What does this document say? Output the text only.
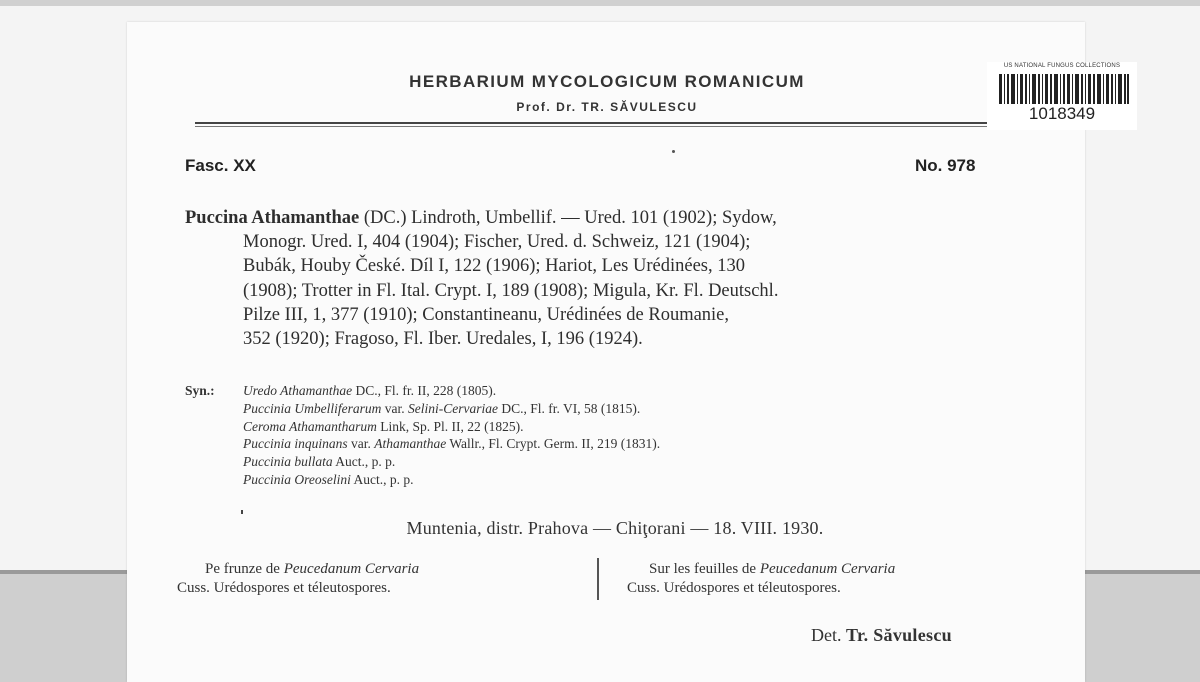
HERBARIUM MYCOLOGICUM ROMANICUM
Prof. Dr. TR. SĂVULESCU
US NATIONAL FUNGUS COLLECTIONS
1018349
Fasc. XX	No. 978
Puccina Athamanthae (DC.) Lindroth, Umbellif. — Ured. 101 (1902); Sydow,
Monogr. Ured. I, 404 (1904); Fischer, Ured. d. Schweiz, 121 (1904);
Bubák, Houby České. Díl I, 122 (1906); Hariot, Les Urédinées, 130
(1908); Trotter in Fl. Ital. Crypt. I, 189 (1908); Migula, Kr. Fl. Deutschl.
Pilze III, 1, 377 (1910); Constantineanu, Urédinées de Roumanie,
352 (1920); Fragoso, Fl. Iber. Uredales, I, 196 (1924).
Syn.: Uredo Athamanthae DC., Fl. fr. II, 228 (1805).
Puccinia Umbelliferarum var. Selini-Cervariae DC., Fl. fr. VI, 58 (1815).
Ceroma Athamantharum Link, Sp. Pl. II, 22 (1825).
Puccinia inquinans var. Athamanthae Wallr., Fl. Crypt. Germ. II, 219 (1831).
Puccinia bullata Auct., p. p.
Puccinia Oreoselini Auct., p. p.
Muntenia, distr. Prahova — Chiţorani — 18. VIII. 1930.
Pe frunze de Peucedanum Cervaria
Cuss. Urédospores et téleutospores.
Sur les feuilles de Peucedanum Cervaria
Cuss. Urédospores et téleutospores.
Det. Tr. Săvulescu
